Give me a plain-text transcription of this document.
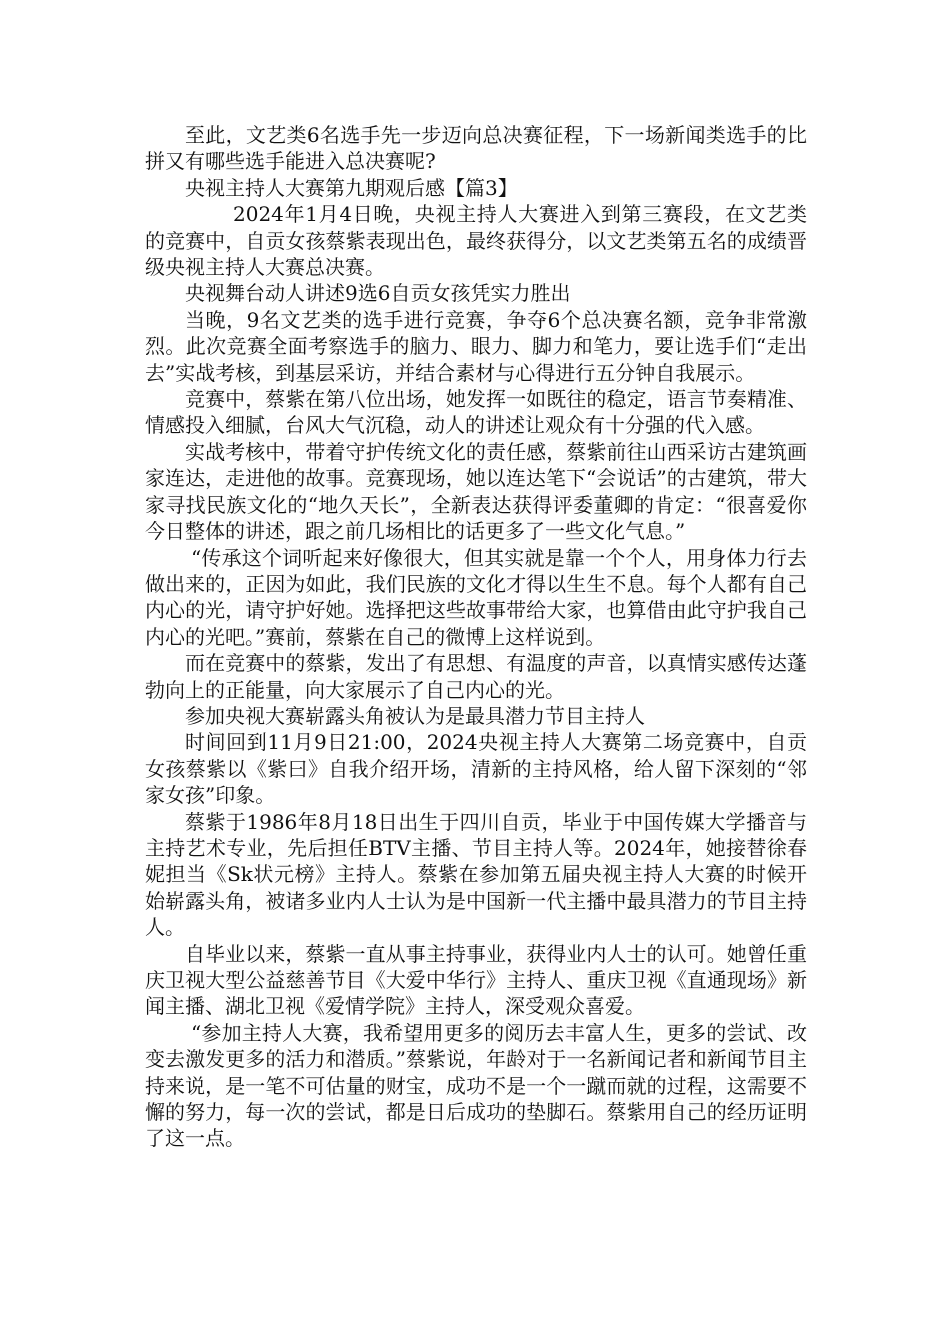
至此，文艺类6名选手先一步迈向总决赛征程，下一场新闻类选手的比拼又有哪些选手能进入总决赛呢?

央视主持人大赛第九期观后感【篇3】

2024年1月4日晚，央视主持人大赛进入到第三赛段，在文艺类的竞赛中，自贡女孩蔡紫表现出色，最终获得分，以文艺类第五名的成绩晋级央视主持人大赛总决赛。

央视舞台动人讲述9选6自贡女孩凭实力胜出

当晚，9名文艺类的选手进行竞赛，争夺6个总决赛名额，竞争非常激烈。此次竞赛全面考察选手的脑力、眼力、脚力和笔力，要让选手们“走出去”实战考核，到基层采访，并结合素材与心得进行五分钟自我展示。

竞赛中，蔡紫在第八位出场，她发挥一如既往的稳定，语言节奏精准、情感投入细腻，台风大气沉稳，动人的讲述让观众有十分强的代入感。

实战考核中，带着守护传统文化的责任感，蔡紫前往山西采访古建筑画家连达，走进他的故事。竞赛现场，她以连达笔下“会说话”的古建筑，带大家寻找民族文化的“地久天长”，全新表达获得评委董卿的肯定：“很喜爱你今日整体的讲述，跟之前几场相比的话更多了一些文化气息。”

“传承这个词听起来好像很大，但其实就是靠一个个人，用身体力行去做出来的，正因为如此，我们民族的文化才得以生生不息。每个人都有自己内心的光，请守护好她。选择把这些故事带给大家，也算借由此守护我自己内心的光吧。”赛前，蔡紫在自己的微博上这样说到。

而在竞赛中的蔡紫，发出了有思想、有温度的声音，以真情实感传达蓬勃向上的正能量，向大家展示了自己内心的光。

参加央视大赛崭露头角被认为是最具潜力节目主持人

时间回到11月9日21:00，2024央视主持人大赛第二场竞赛中，自贡女孩蔡紫以《紫曰》自我介绍开场，清新的主持风格，给人留下深刻的“邻家女孩”印象。

蔡紫于1986年8月18日出生于四川自贡，毕业于中国传媒大学播音与主持艺术专业，先后担任BTV主播、节目主持人等。2024年，她接替徐春妮担当《Sk状元榜》主持人。蔡紫在参加第五届央视主持人大赛的时候开始崭露头角，被诸多业内人士认为是中国新一代主播中最具潜力的节目主持人。

自毕业以来，蔡紫一直从事主持事业，获得业内人士的认可。她曾任重庆卫视大型公益慈善节目《大爱中华行》主持人、重庆卫视《直通现场》新闻主播、湖北卫视《爱情学院》主持人，深受观众喜爱。

“参加主持人大赛，我希望用更多的阅历去丰富人生，更多的尝试、改变去激发更多的活力和潜质。”蔡紫说，年龄对于一名新闻记者和新闻节目主持来说，是一笔不可估量的财宝，成功不是一个一蹴而就的过程，这需要不懈的努力，每一次的尝试，都是日后成功的垫脚石。蔡紫用自己的经历证明了这一点。
